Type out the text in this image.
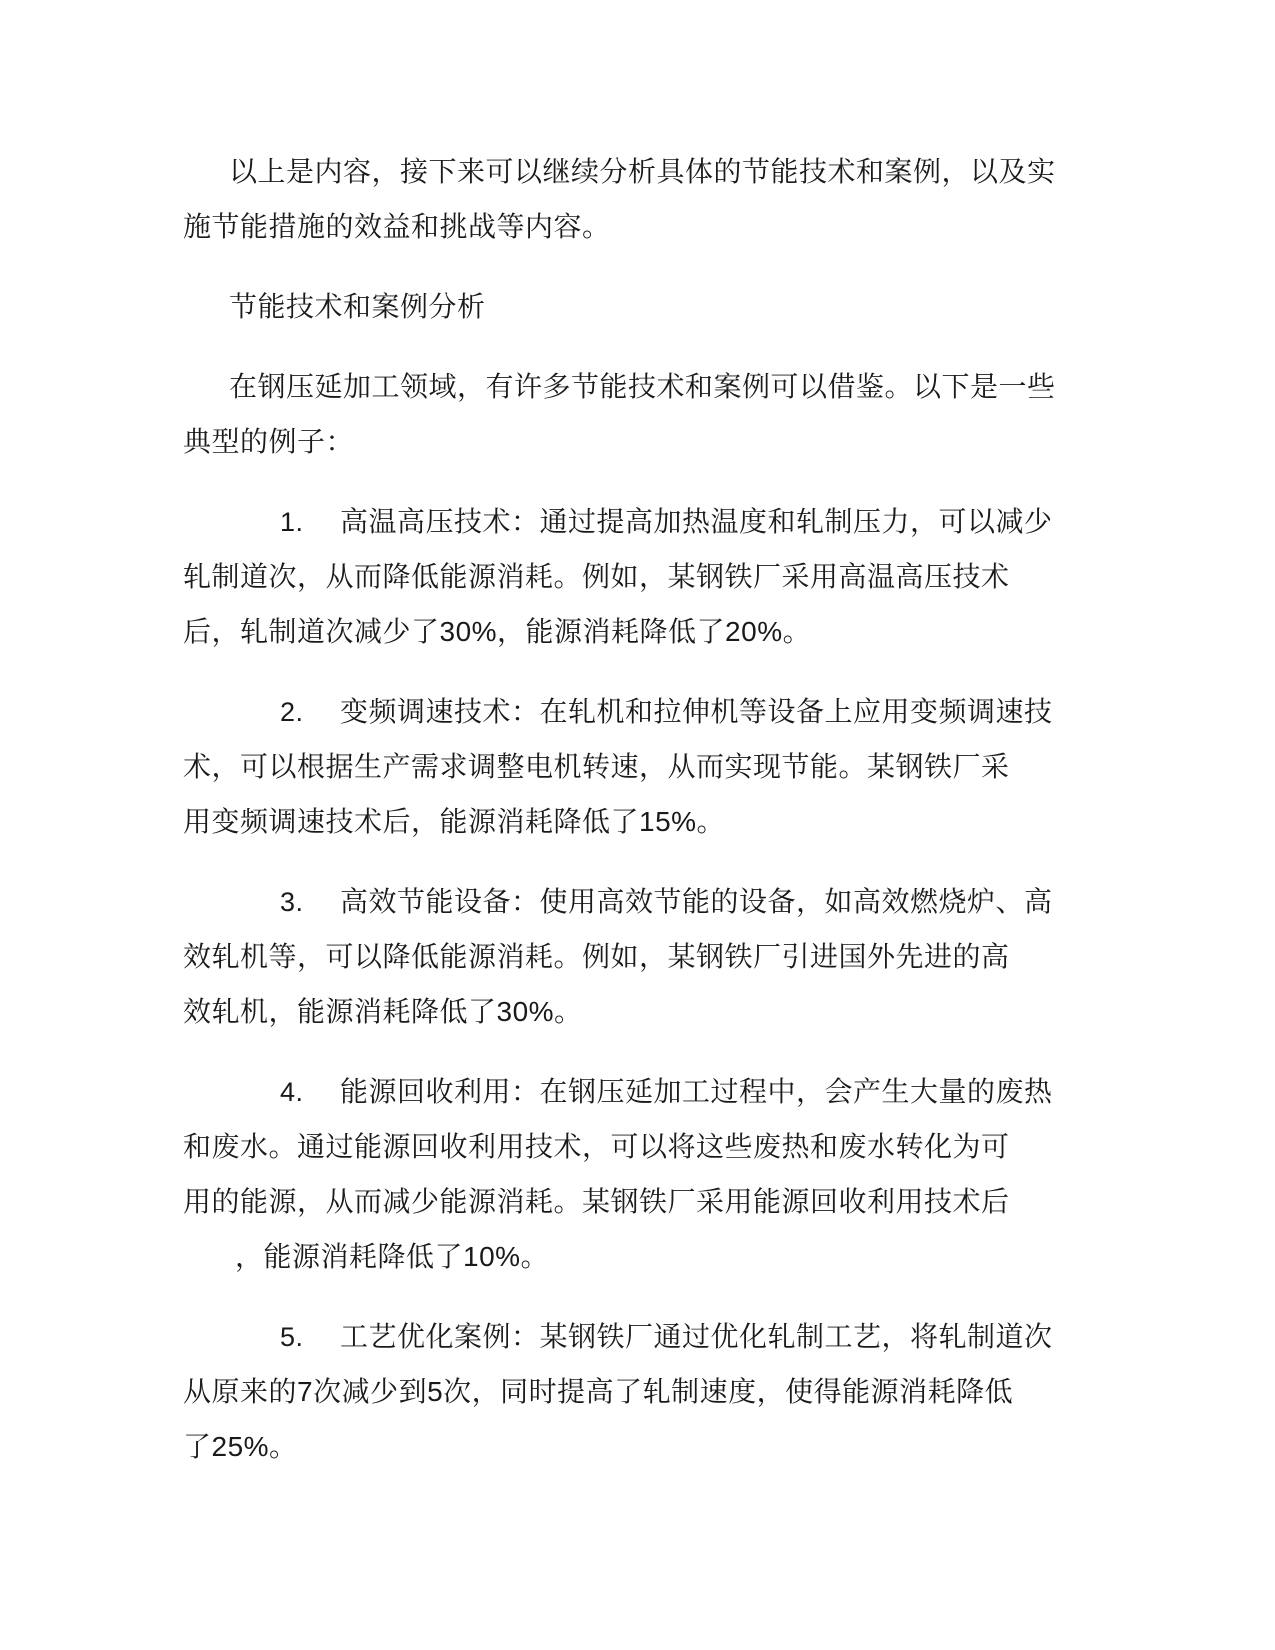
以上是内容，接下来可以继续分析具体的节能技术和案例，以及实
施节能措施的效益和挑战等内容。
节能技术和案例分析
在钢压延加工领域，有许多节能技术和案例可以借鉴。以下是一些
典型的例子：
1. 高温高压技术：通过提高加热温度和轧制压力，可以减少
轧制道次，从而降低能源消耗。例如，某钢铁厂采用高温高压技术
后，轧制道次减少了30%，能源消耗降低了20%。
2. 变频调速技术：在轧机和拉伸机等设备上应用变频调速技
术，可以根据生产需求调整电机转速，从而实现节能。某钢铁厂采
用变频调速技术后，能源消耗降低了15%。
3. 高效节能设备：使用高效节能的设备，如高效燃烧炉、高
效轧机等，可以降低能源消耗。例如，某钢铁厂引进国外先进的高
效轧机，能源消耗降低了30%。
4. 能源回收利用：在钢压延加工过程中，会产生大量的废热
和废水。通过能源回收利用技术，可以将这些废热和废水转化为可
用的能源，从而减少能源消耗。某钢铁厂采用能源回收利用技术后
，能源消耗降低了10%。
5. 工艺优化案例：某钢铁厂通过优化轧制工艺，将轧制道次
从原来的7次减少到5次，同时提高了轧制速度，使得能源消耗降低
了25%。
